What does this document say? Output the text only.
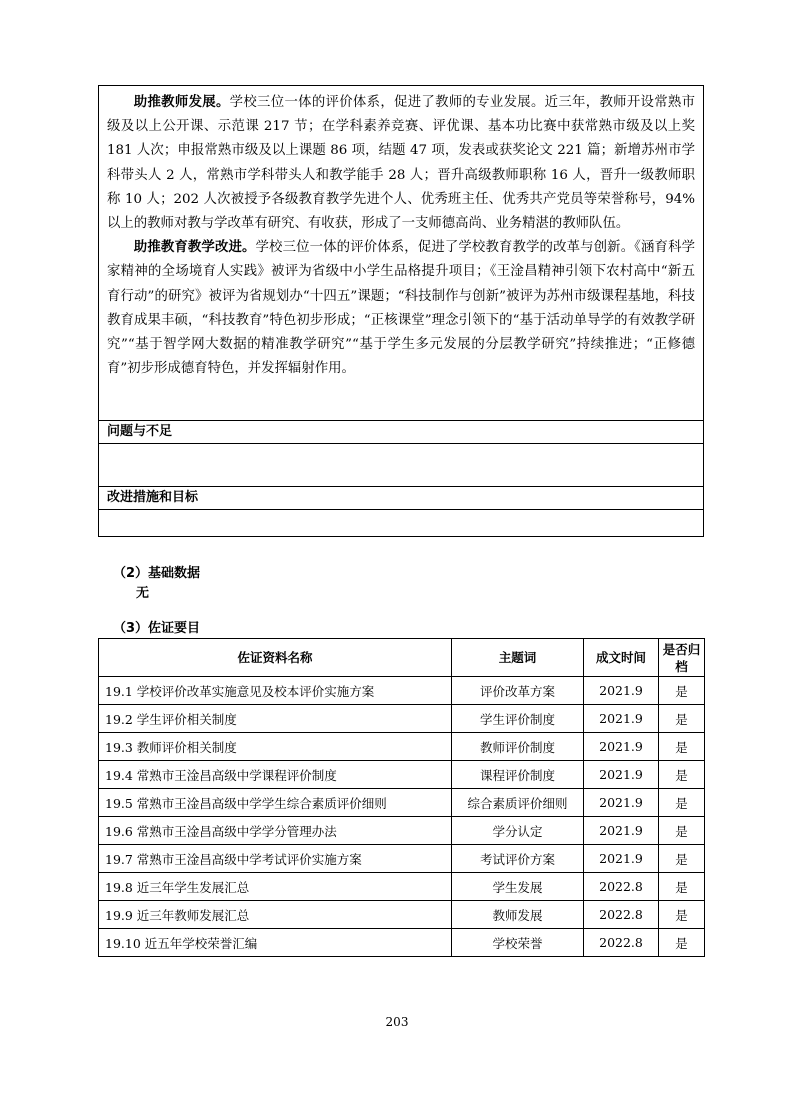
助推教师发展。学校三位一体的评价体系，促进了教师的专业发展。近三年，教师开设常熟市级及以上公开课、示范课 217 节；在学科素养竞赛、评优课、基本功比赛中获常熟市级及以上奖 181 人次；申报常熟市级及以上课题 86 项，结题 47 项，发表或获奖论文 221 篇；新增苏州市学科带头人 2 人，常熟市学科带头人和教学能手 28 人；晋升高级教师职称 16 人，晋升一级教师职称 10 人；202 人次被授予各级教育教学先进个人、优秀班主任、优秀共产党员等荣誉称号，94%以上的教师对教与学改革有研究、有收获，形成了一支师德高尚、业务精湛的教师队伍。

助推教育教学改进。学校三位一体的评价体系，促进了学校教育教学的改革与创新。《涵育科学家精神的全场境育人实践》被评为省级中小学生品格提升项目；《王淦昌精神引领下农村高中“新五育行动”的研究》被评为省规划办“十四五”课题；“科技制作与创新”被评为苏州市级课程基地，科技教育成果丰硕，“科技教育”特色初步形成；“正核课堂”理念引领下的“基于活动单导学的有效教学研究”“基于智学网大数据的精准教学研究”“基于学生多元发展的分层教学研究”持续推进；“正修德育”初步形成德育特色，并发挥辐射作用。

问题与不足

改进措施和目标

（2）基础数据
无
（3）佐证要目
佐证资料名称	主题词	成文时间	是否归档
19.1 学校评价改革实施意见及校本评价实施方案	评价改革方案	2021.9	是
19.2 学生评价相关制度	学生评价制度	2021.9	是
19.3 教师评价相关制度	教师评价制度	2021.9	是
19.4 常熟市王淦昌高级中学课程评价制度	课程评价制度	2021.9	是
19.5 常熟市王淦昌高级中学学生综合素质评价细则	综合素质评价细则	2021.9	是
19.6 常熟市王淦昌高级中学学分管理办法	学分认定	2021.9	是
19.7 常熟市王淦昌高级中学考试评价实施方案	考试评价方案	2021.9	是
19.8 近三年学生发展汇总	学生发展	2022.8	是
19.9 近三年教师发展汇总	教师发展	2022.8	是
19.10 近五年学校荣誉汇编	学校荣誉	2022.8	是
203
